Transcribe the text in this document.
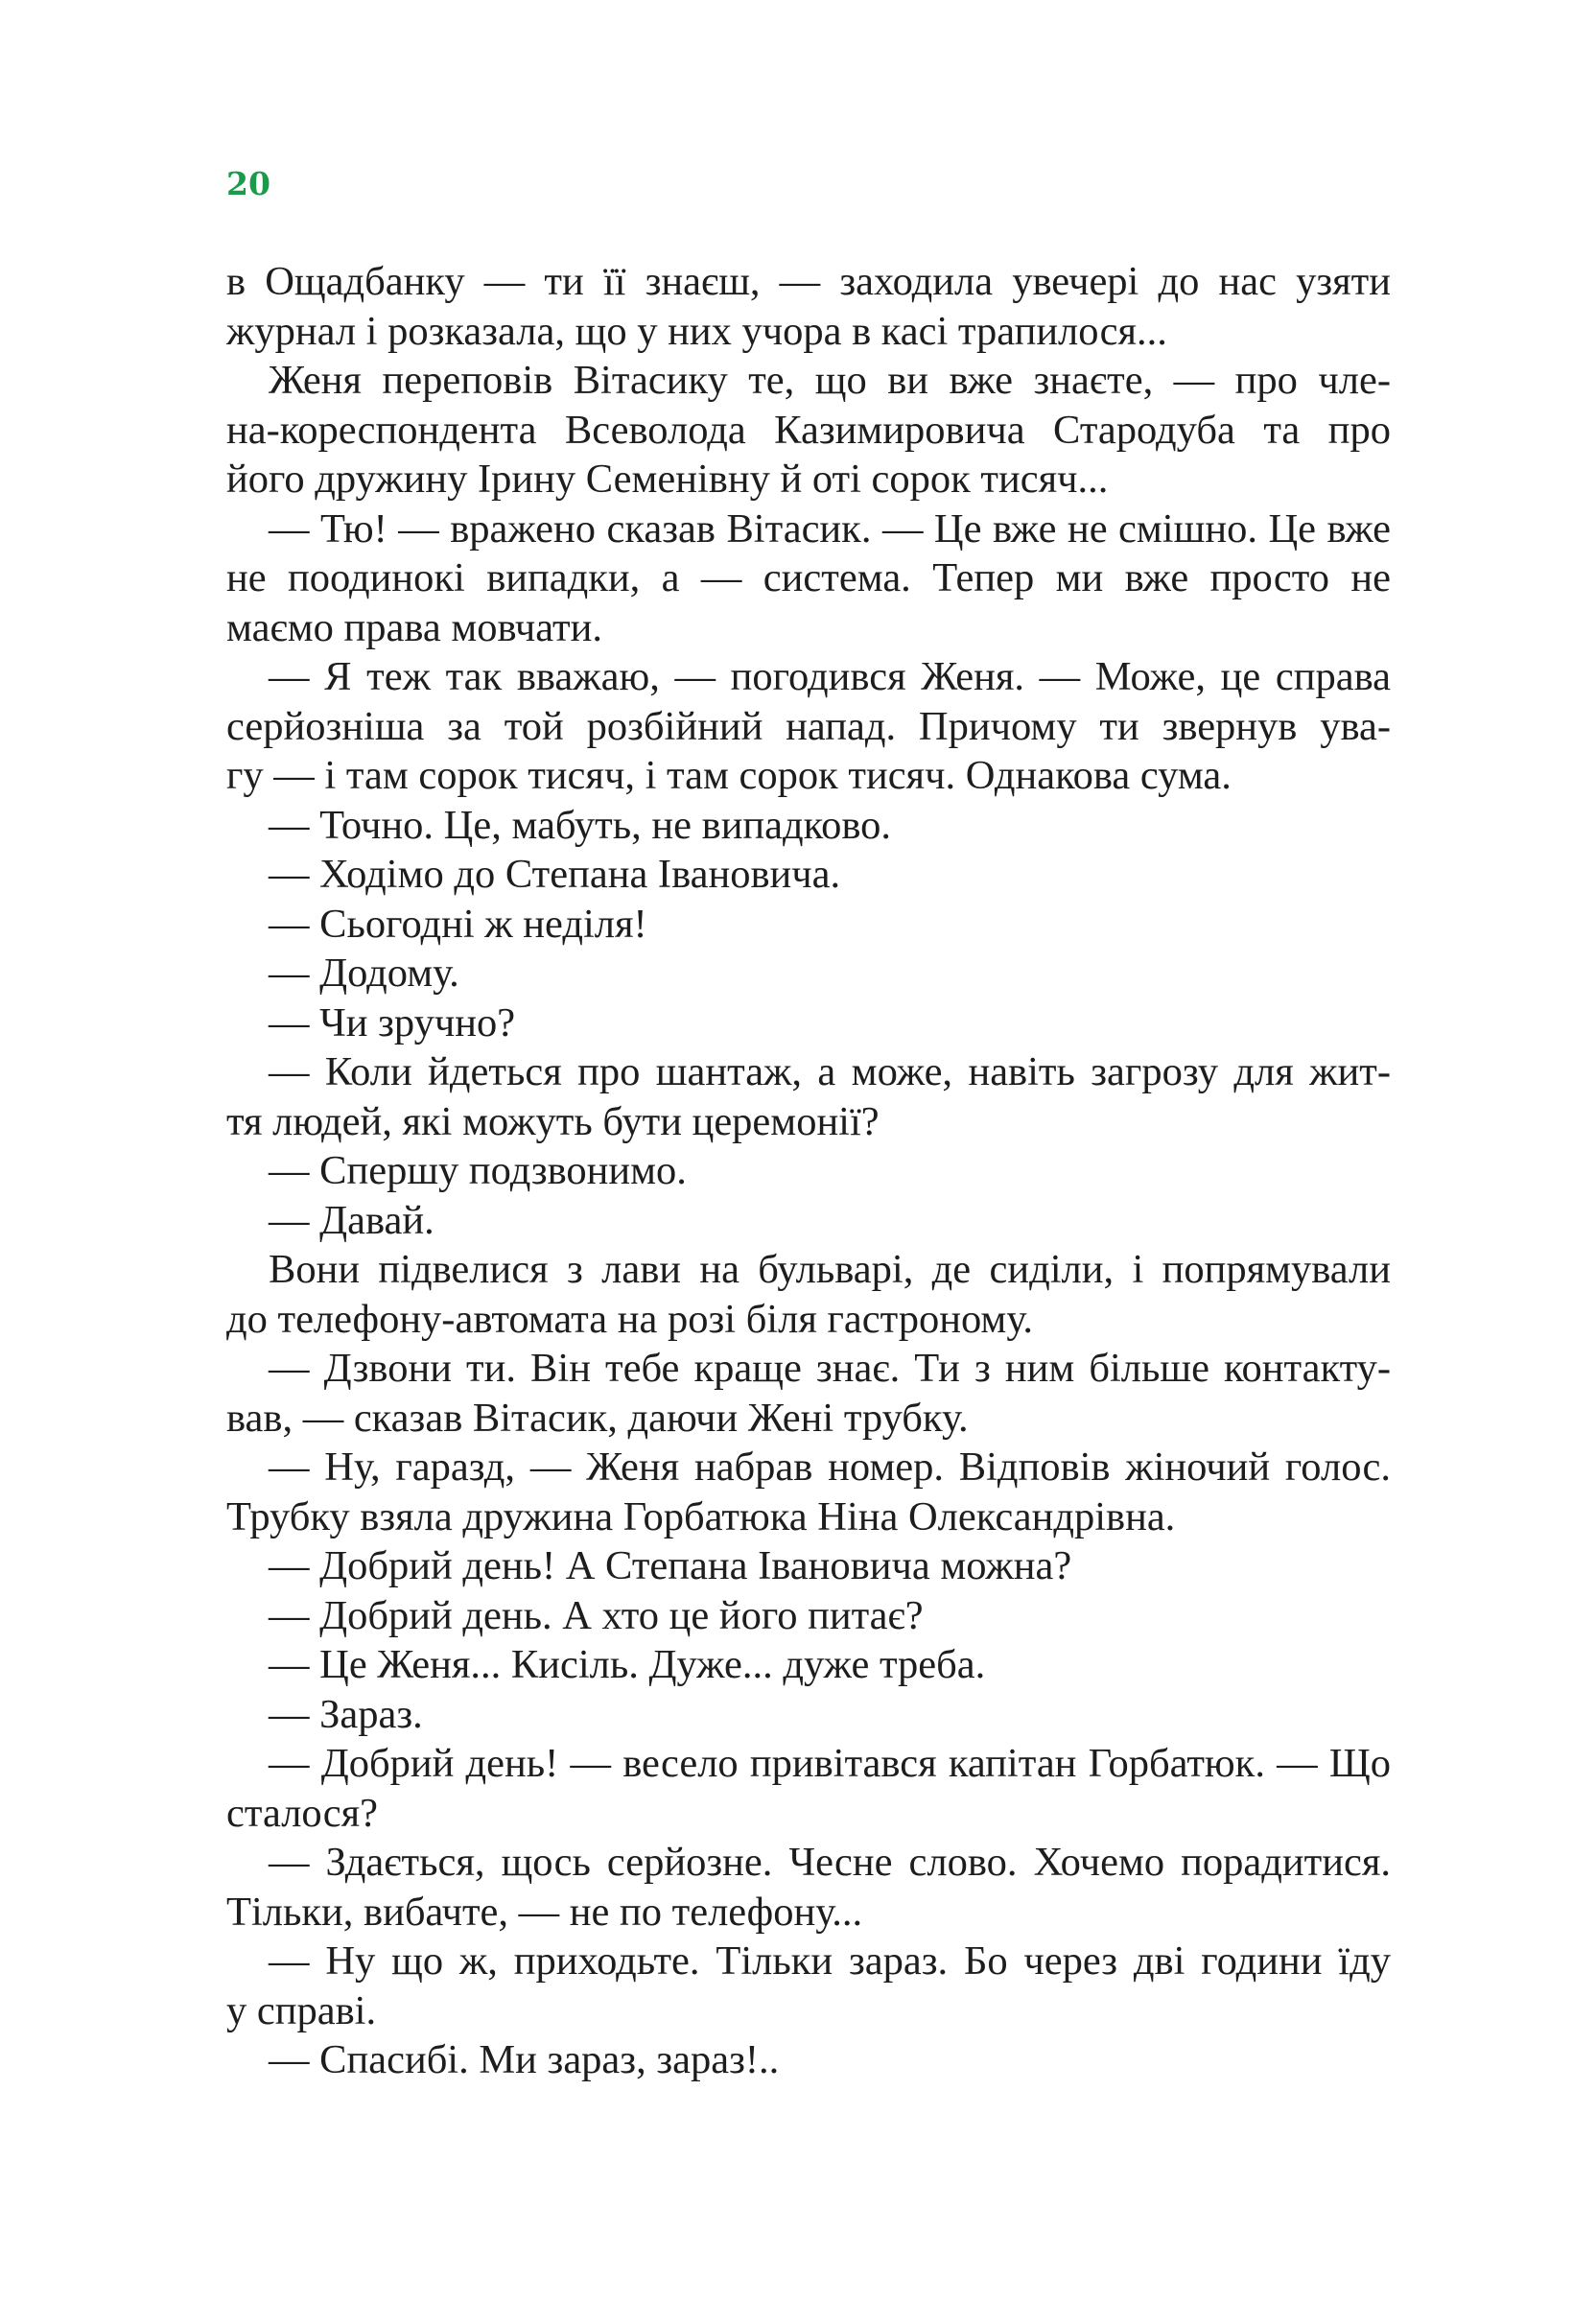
20
в Ощадбанку — ти її знаєш, — заходила увечері до нас узяти
журнал і розказала, що у них учора в касі трапилося...
Женя переповів Вітасику те, що ви вже знаєте, — про чле-
на-кореспондента Всеволода Казимировича Стародуба та про
його дружину Ірину Семенівну й оті сорок тисяч...
— Тю! — вражено сказав Вітасик. — Це вже не смішно. Це вже
не поодинокі випадки, а — система. Тепер ми вже просто не
маємо права мовчати.
— Я теж так вважаю, — погодився Женя. — Може, це справа
серйозніша за той розбійний напад. Причому ти звернув ува-
гу — і там сорок тисяч, і там сорок тисяч. Однакова сума.
— Точно. Це, мабуть, не випадково.
— Ходімо до Степана Івановича.
— Сьогодні ж неділя!
— Додому.
— Чи зручно?
— Коли йдеться про шантаж, а може, навіть загрозу для жит-
тя людей, які можуть бути церемонії?
— Спершу подзвонимо.
— Давай.
Вони підвелися з лави на бульварі, де сиділи, і попрямували
до телефону-автомата на розі біля гастроному.
— Дзвони ти. Він тебе краще знає. Ти з ним більше контакту-
вав, — сказав Вітасик, даючи Жені трубку.
— Ну, гаразд, — Женя набрав номер. Відповів жіночий голос.
Трубку взяла дружина Горбатюка Ніна Олександрівна.
— Добрий день! А Степана Івановича можна?
— Добрий день. А хто це його питає?
— Це Женя... Кисіль. Дуже... дуже треба.
— Зараз.
— Добрий день! — весело привітався капітан Горбатюк. — Що
сталося?
— Здається, щось серйозне. Чесне слово. Хочемо порадитися.
Тільки, вибачте, — не по телефону...
— Ну що ж, приходьте. Тільки зараз. Бо через дві години їду
у справі.
— Спасибі. Ми зараз, зараз!..
